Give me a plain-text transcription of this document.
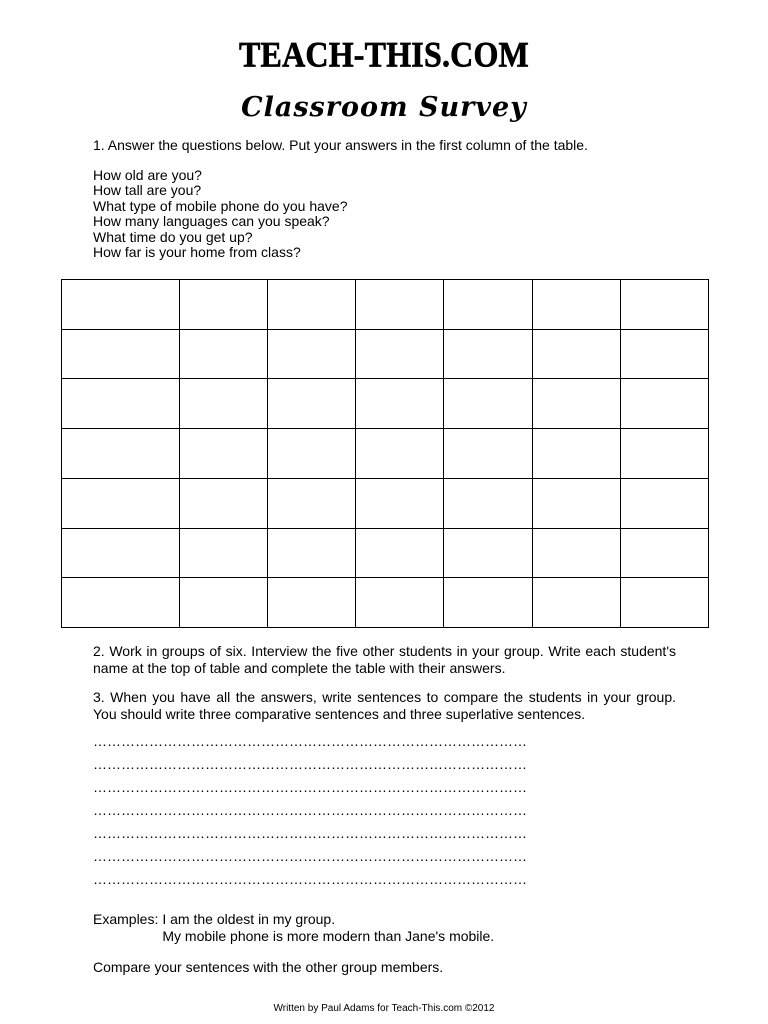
TEACH-THIS.COM
Classroom Survey
1. Answer the questions below. Put your answers in the first column of the table.
How old are you?
How tall are you?
What type of mobile phone do you have?
How many languages can you speak?
What time do you get up?
How far is your home from class?

2. Work in groups of six. Interview the five other students in your group. Write each student's name at the top of table and complete the table with their answers.

3. When you have all the answers, write sentences to compare the students in your group. You should write three comparative sentences and three superlative sentences.

…………………………………………………………………………………
…………………………………………………………………………………
…………………………………………………………………………………
…………………………………………………………………………………
…………………………………………………………………………………
…………………………………………………………………………………
…………………………………………………………………………………
Examples: I am the oldest in my group.
My mobile phone is more modern than Jane's mobile.
Compare your sentences with the other group members.
Written by Paul Adams for Teach-This.com ©2012
